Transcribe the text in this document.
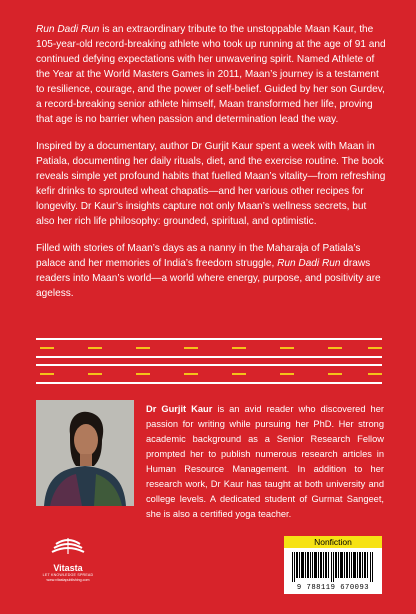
Run Dadi Run is an extraordinary tribute to the unstoppable Maan Kaur, the 105-year-old record-breaking athlete who took up running at the age of 91 and continued defying expectations with her unwavering spirit. Named Athlete of the Year at the World Masters Games in 2011, Maan’s journey is a testament to resilience, courage, and the power of self-belief. Guided by her son Gurdev, a record-breaking senior athlete himself, Maan transformed her life, proving that age is no barrier when passion and determination lead the way.

Inspired by a documentary, author Dr Gurjit Kaur spent a week with Maan in Patiala, documenting her daily rituals, diet, and the exercise routine. The book reveals simple yet profound habits that fuelled Maan’s vitality—from refreshing kefir drinks to sprouted wheat chapatis—and her various other recipes for longevity. Dr Kaur’s insights capture not only Maan’s wellness secrets, but also her rich life philosophy: grounded, spiritual, and optimistic.

Filled with stories of Maan’s days as a nanny in the Maharaja of Patiala’s palace and her memories of India’s freedom struggle, Run Dadi Run draws readers into Maan’s world—a world where energy, purpose, and positivity are ageless.

Dr Gurjit Kaur is an avid reader who discovered her passion for writing while pursuing her PhD. Her strong academic background as a Senior Research Fellow prompted her to publish numerous research articles in Human Resource Management. In addition to her research work, Dr Kaur has taught at both university and college levels. A dedicated student of Gurmat Sangeet, she is also a certified yoga teacher.
Vitasta
LET KNOWLEDGE SPREAD
www.vitastapublishing.com
Nonfiction
9 788119 670093
